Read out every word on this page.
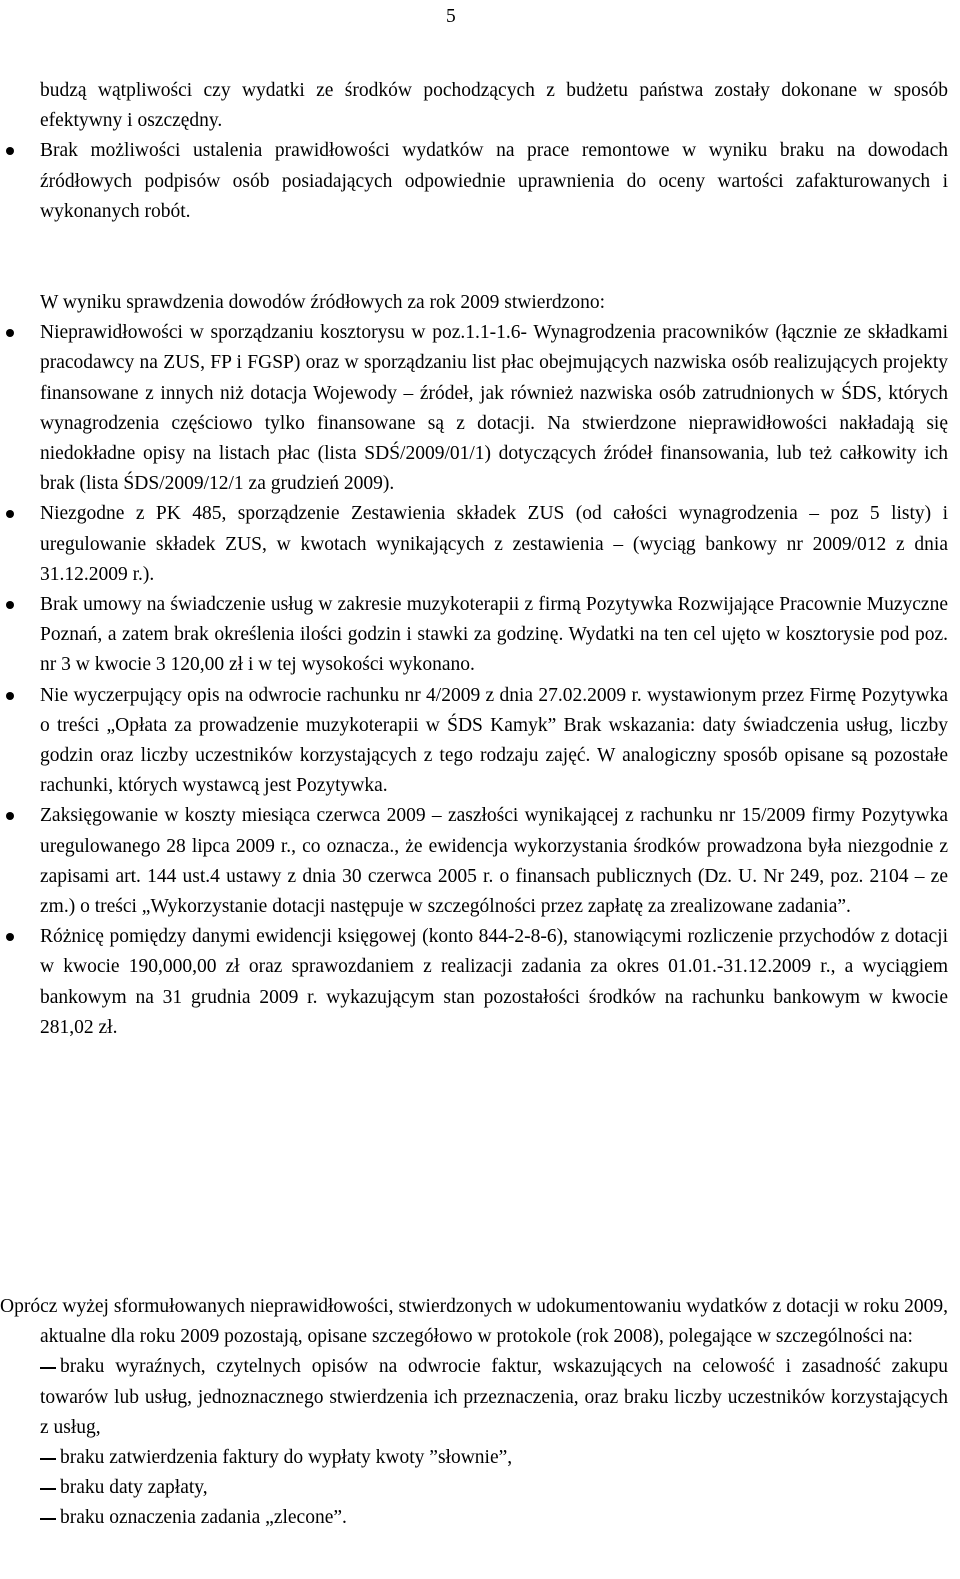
5

budzą wątpliwości czy wydatki ze środków pochodzących z budżetu państwa zostały dokonane w sposób efektywny i oszczędny.

Brak możliwości ustalenia prawidłowości wydatków na prace remontowe w wyniku braku na dowodach źródłowych podpisów osób posiadających odpowiednie uprawnienia do oceny wartości zafakturowanych i wykonanych robót.

W wyniku sprawdzenia dowodów źródłowych za rok 2009 stwierdzono:

Nieprawidłowości w sporządzaniu kosztorysu w poz.1.1-1.6- Wynagrodzenia pracowników (łącznie ze składkami pracodawcy na ZUS, FP i FGSP) oraz w sporządzaniu list płac obejmujących nazwiska osób realizujących projekty finansowane z innych niż dotacja Wojewody – źródeł, jak również nazwiska osób zatrudnionych w ŚDS, których wynagrodzenia częściowo tylko finansowane są z dotacji. Na stwierdzone nieprawidłowości nakładają się niedokładne opisy na listach płac (lista SDŚ/2009/01/1) dotyczących źródeł finansowania, lub też całkowity ich brak (lista ŚDS/2009/12/1 za grudzień 2009).
Niezgodne z PK 485, sporządzenie Zestawienia składek ZUS (od całości wynagrodzenia – poz 5 listy) i uregulowanie składek ZUS, w kwotach wynikających z zestawienia – (wyciąg bankowy nr 2009/012 z dnia 31.12.2009 r.).
Brak umowy na świadczenie usług w zakresie muzykoterapii z firmą Pozytywka Rozwijające Pracownie Muzyczne Poznań, a zatem brak określenia ilości godzin i stawki za godzinę. Wydatki na ten cel ujęto w kosztorysie pod poz. nr 3 w kwocie 3 120,00 zł i w tej wysokości wykonano.
Nie wyczerpujący opis na odwrocie rachunku nr 4/2009 z dnia 27.02.2009 r. wystawionym przez Firmę Pozytywka o treści „Opłata za prowadzenie muzykoterapii w ŚDS Kamyk” Brak wskazania: daty świadczenia usług, liczby godzin oraz liczby uczestników korzystających z tego rodzaju zajęć. W analogiczny sposób opisane są pozostałe rachunki, których wystawcą jest Pozytywka.
Zaksięgowanie w koszty miesiąca czerwca 2009 – zaszłości wynikającej z rachunku nr 15/2009 firmy Pozytywka uregulowanego 28 lipca 2009 r., co oznacza., że ewidencja wykorzystania środków prowadzona była niezgodnie z zapisami art. 144 ust.4 ustawy z dnia 30 czerwca 2005 r. o finansach publicznych (Dz. U. Nr 249, poz. 2104 – ze zm.) o treści „Wykorzystanie dotacji następuje w szczególności przez zapłatę za zrealizowane zadania”.
Różnicę pomiędzy danymi ewidencji księgowej (konto 844-2-8-6), stanowiącymi rozliczenie przychodów z dotacji w kwocie 190,000,00 zł oraz sprawozdaniem z realizacji zadania za okres 01.01.-31.12.2009 r., a wyciągiem bankowym na 31 grudnia 2009 r. wykazującym stan pozostałości środków na rachunku bankowym w kwocie 281,02 zł.

Oprócz wyżej sformułowanych nieprawidłowości, stwierdzonych w udokumentowaniu wydatków z dotacji w roku 2009, aktualne dla roku 2009 pozostają, opisane szczegółowo w protokole (rok 2008), polegające w szczególności na:

braku wyraźnych, czytelnych opisów na odwrocie faktur, wskazujących na celowość i zasadność zakupu towarów lub usług, jednoznacznego stwierdzenia ich przeznaczenia, oraz braku liczby uczestników korzystających z usług,
braku zatwierdzenia faktury do wypłaty kwoty ”słownie”,
braku daty zapłaty,
braku oznaczenia zadania „zlecone”.
